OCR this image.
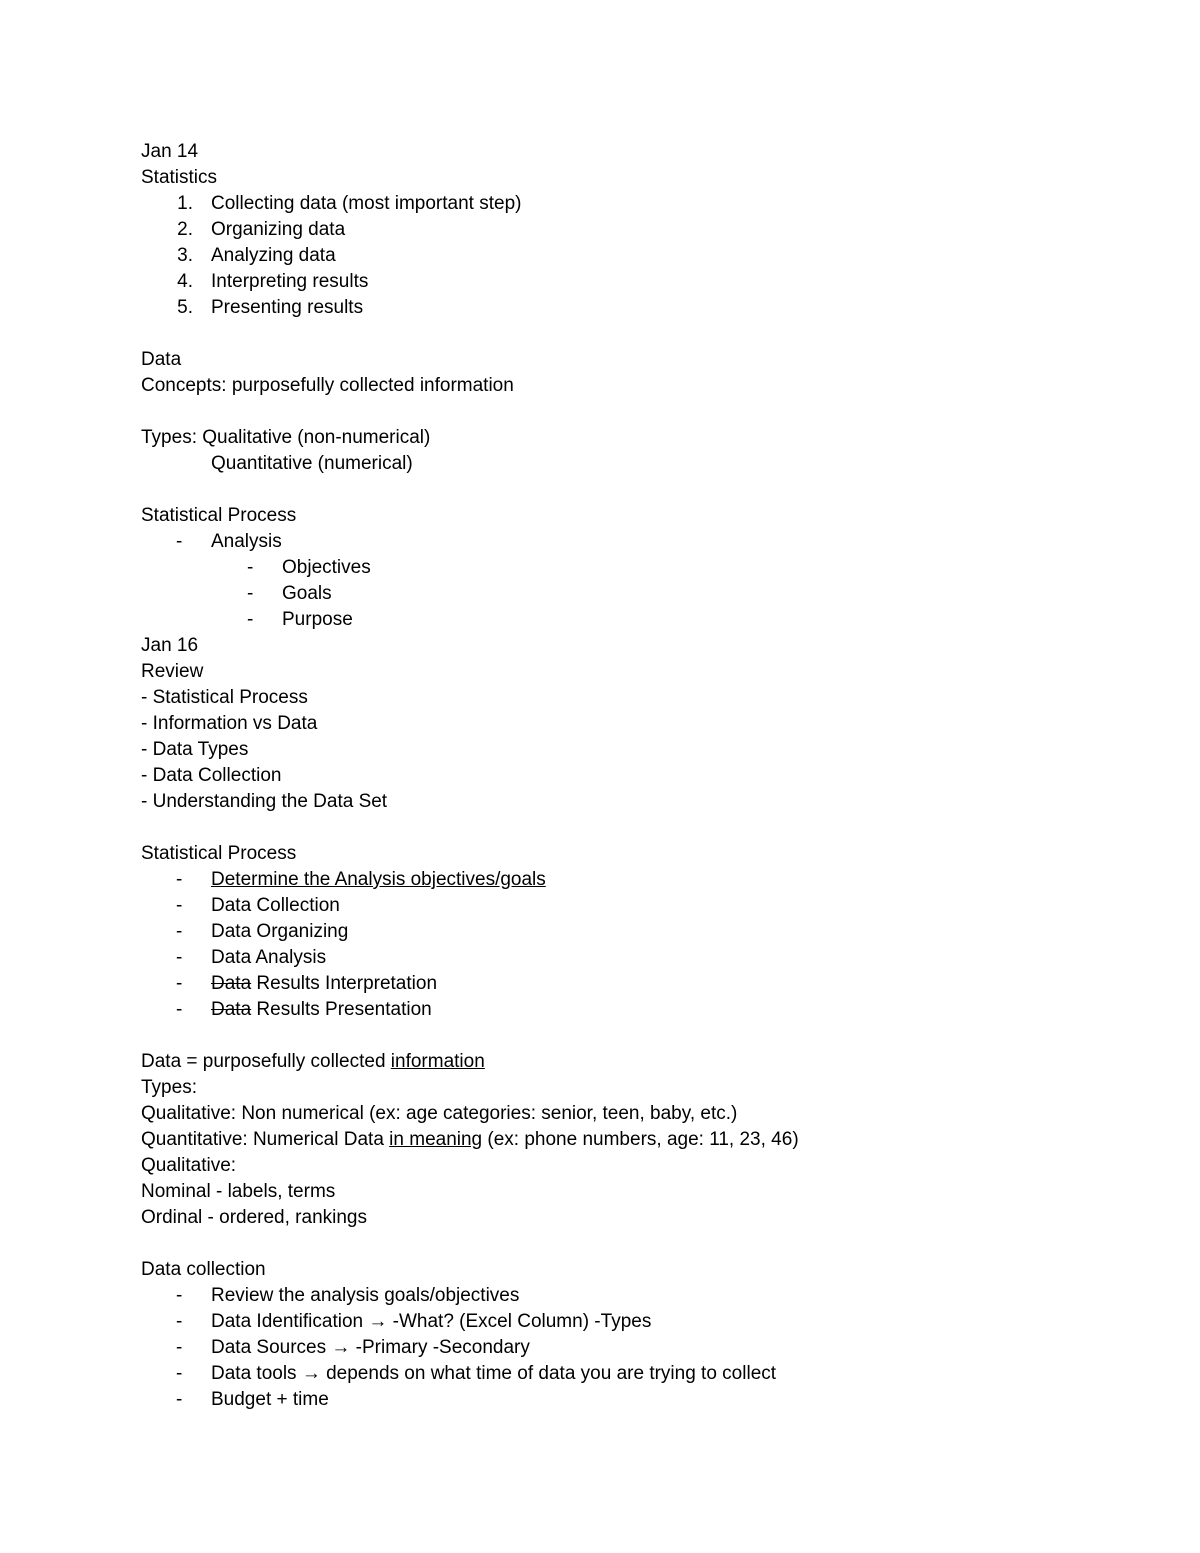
Jan 14
Statistics
1. Collecting data (most important step)
2. Organizing data
3. Analyzing data
4. Interpreting results
5. Presenting results
Data
Concepts: purposefully collected information
Types: Qualitative (non-numerical)
Quantitative (numerical)
Statistical Process
-	Analysis
-	Objectives
-	Goals
-	Purpose
Jan 16
Review
- Statistical Process
- Information vs Data
- Data Types
- Data Collection
- Understanding the Data Set
Statistical Process
-	Determine the Analysis objectives/goals
-	Data Collection
-	Data Organizing
-	Data Analysis
-	Data Results Interpretation
-	Data Results Presentation
Data = purposefully collected information
Types:
Qualitative: Non numerical (ex: age categories: senior, teen, baby, etc.)
Quantitative: Numerical Data in meaning (ex: phone numbers, age: 11, 23, 46)
Qualitative:
Nominal - labels, terms
Ordinal - ordered, rankings
Data collection
-	Review the analysis goals/objectives
-	Data Identification → -What? (Excel Column) -Types
-	Data Sources → -Primary -Secondary
-	Data tools → depends on what time of data you are trying to collect
-	Budget + time
